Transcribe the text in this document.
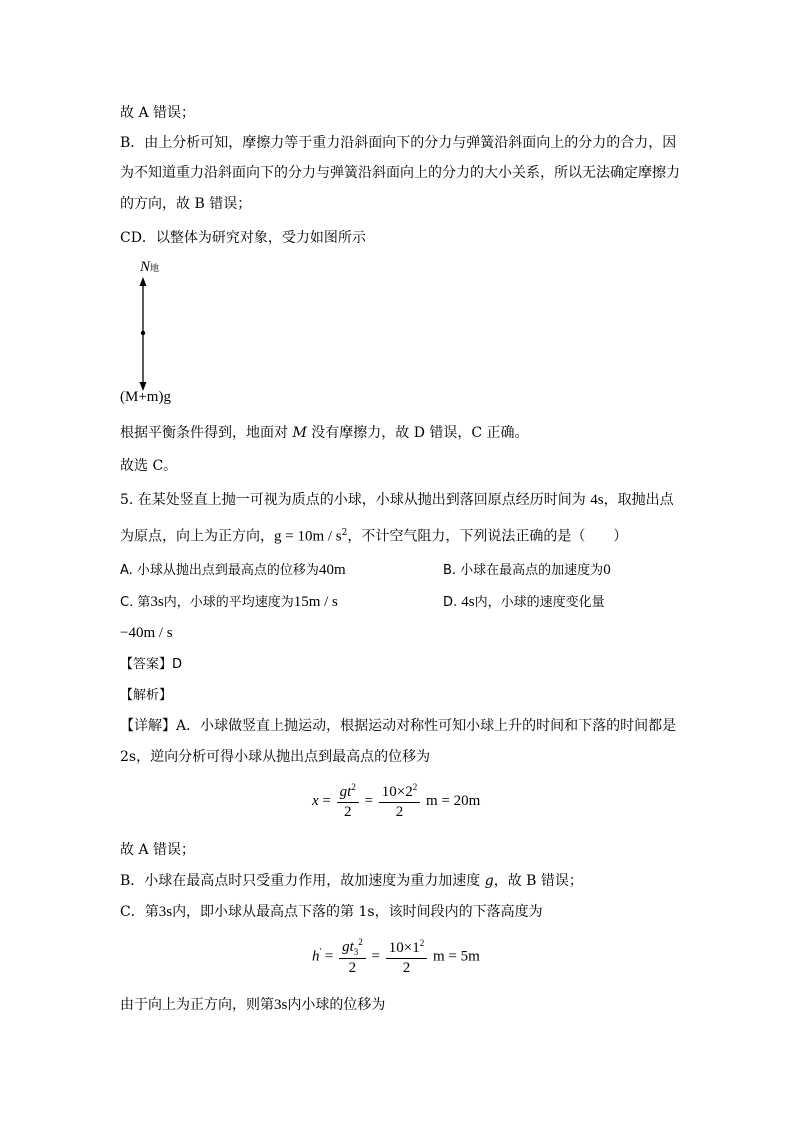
故 A 错误；
B．由上分析可知，摩擦力等于重力沿斜面向下的分力与弹簧沿斜面向上的分力的合力，因
为不知道重力沿斜面向下的分力与弹簧沿斜面向上的分力的大小关系，所以无法确定摩擦力
的方向，故 B 错误；
CD．以整体为研究对象，受力如图所示
N地
(M+m)g
根据平衡条件得到，地面对 M 没有摩擦力，故 D 错误，C 正确。
故选 C。
5. 在某处竖直上抛一可视为质点的小球，小球从抛出到落回原点经历时间为 4s，取抛出点
为原点，向上为正方向，$g = 10m / s^2$，不计空气阻力，下列说法正确的是（　　）
A. 小球从抛出点到最高点的位移为40m	B. 小球在最高点的加速度为0
C. 第3s内，小球的平均速度为15m / s	D. 4s内，小球的速度变化量
−40m / s
【答案】D
【解析】
【详解】A．小球做竖直上抛运动，根据运动对称性可知小球上升的时间和下落的时间都是
2s，逆向分析可得小球从抛出点到最高点的位移为
$x = \frac{gt^2}{2} = \frac{10\times 2^2}{2}$ m = 20m
故 A 错误；
B．小球在最高点时只受重力作用，故加速度为重力加速度 g，故 B 错误；
C．第3s内，即小球从最高点下落的第 1s，该时间段内的下落高度为
$h' = \frac{gt_3^2}{2} = \frac{10\times 1^2}{2}$ m = 5m
由于向上为正方向，则第3s内小球的位移为
